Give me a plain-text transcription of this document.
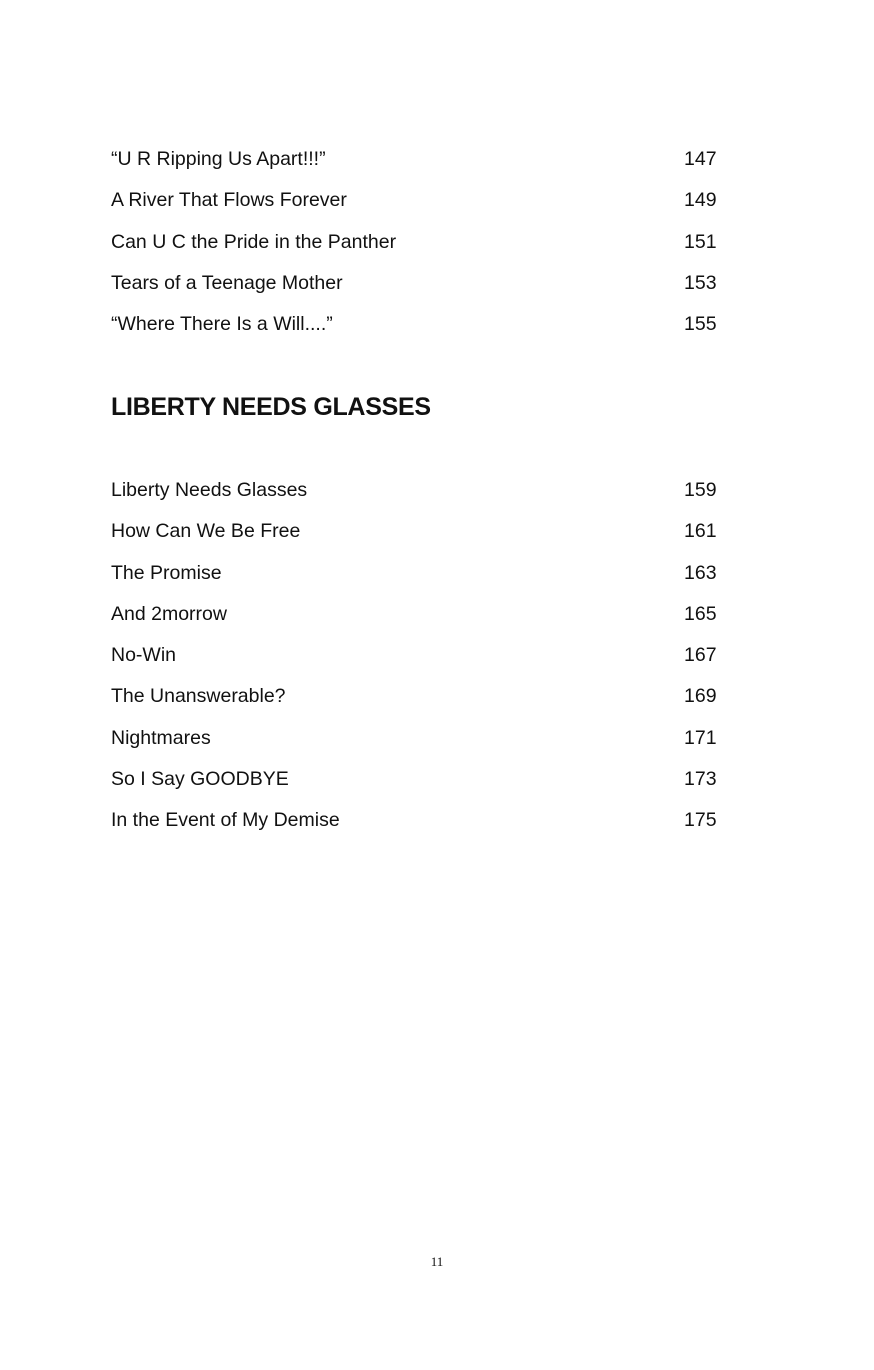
“U R Ripping Us Apart!!!”	147
A River That Flows Forever	149
Can U C the Pride in the Panther	151
Tears of a Teenage Mother	153
“Where There Is a Will....”	155
LIBERTY NEEDS GLASSES
Liberty Needs Glasses	159
How Can We Be Free	161
The Promise	163
And 2morrow	165
No-Win	167
The Unanswerable?	169
Nightmares	171
So I Say GOODBYE	173
In the Event of My Demise	175
11
